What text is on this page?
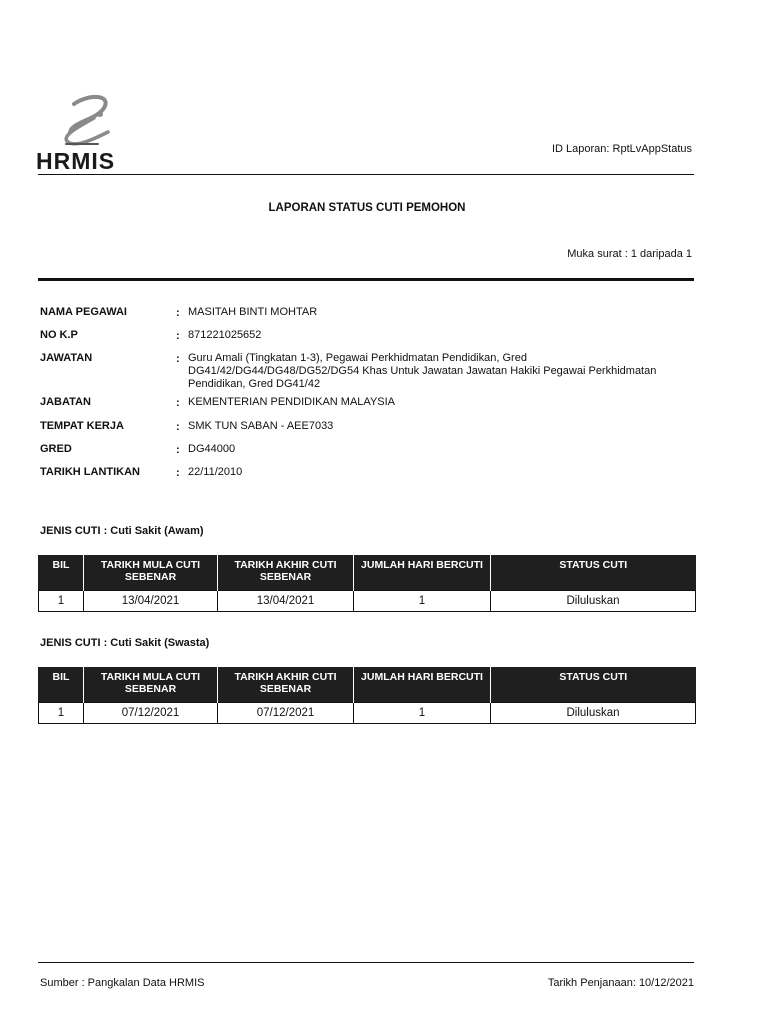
HRMIS	ID Laporan: RptLvAppStatus
LAPORAN STATUS CUTI PEMOHON
Muka surat : 1 daripada 1
NAMA PEGAWAI	: MASITAH BINTI MOHTAR
NO K.P	: 871221025652
JAWATAN	: Guru Amali (Tingkatan 1-3), Pegawai Perkhidmatan Pendidikan, Gred DG41/42/DG44/DG48/DG52/DG54 Khas Untuk Jawatan Jawatan Hakiki Pegawai Perkhidmatan Pendidikan, Gred DG41/42
JABATAN	: KEMENTERIAN PENDIDIKAN MALAYSIA
TEMPAT KERJA	: SMK TUN SABAN - AEE7033
GRED	: DG44000
TARIKH LANTIKAN	: 22/11/2010
JENIS CUTI : Cuti Sakit (Awam)
BIL	TARIKH MULA CUTI SEBENAR	TARIKH AKHIR CUTI SEBENAR	JUMLAH HARI BERCUTI	STATUS CUTI
1	13/04/2021	13/04/2021	1	Diluluskan
JENIS CUTI : Cuti Sakit (Swasta)
BIL	TARIKH MULA CUTI SEBENAR	TARIKH AKHIR CUTI SEBENAR	JUMLAH HARI BERCUTI	STATUS CUTI
1	07/12/2021	07/12/2021	1	Diluluskan
Sumber : Pangkalan Data HRMIS	Tarikh Penjanaan: 10/12/2021
